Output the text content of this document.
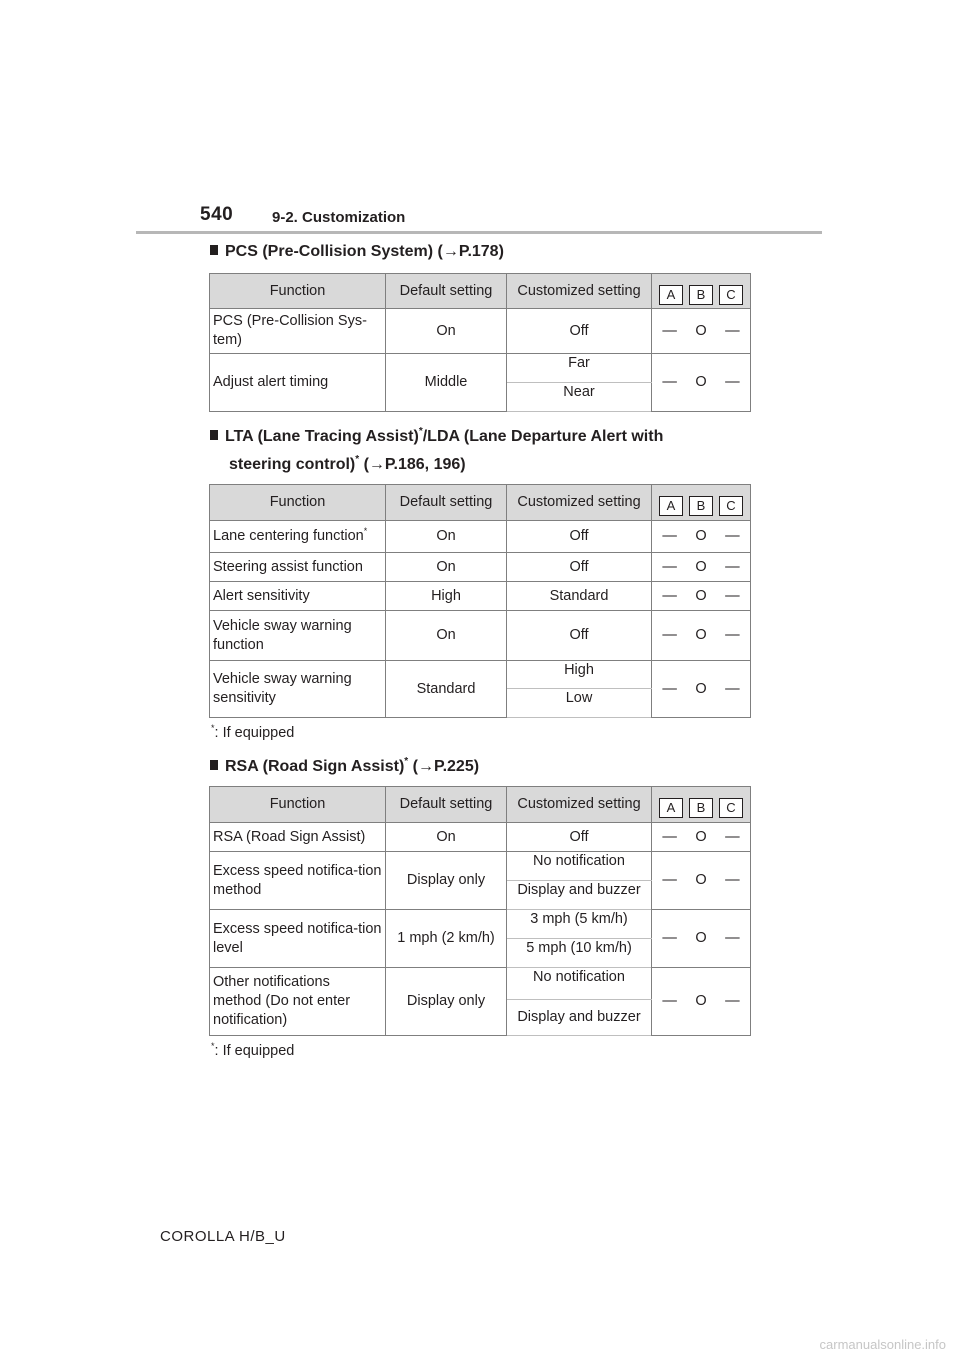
540	9-2. Customization
PCS (Pre-Collision System) (→P.178)
Function	Default setting	Customized setting	A B C

PCS (Pre-Collision Sys-tem)	On	Off	— O —
Adjust alert timing	Middle	Far	— O —
		Near	
LTA (Lane Tracing Assist)*/LDA (Lane Departure Alert with
steering control)* (→P.186, 196)
Function	Default setting	Customized setting	A B C

Lane centering function*	On	Off	— O —
Steering assist function	On	Off	— O —
Alert sensitivity	High	Standard	— O —
Vehicle sway warning function	On	Off	— O —
Vehicle sway warning sensitivity	Standard	High	— O —
		Low	
*: If equipped
RSA (Road Sign Assist)* (→P.225)
Function	Default setting	Customized setting	A B C

RSA (Road Sign Assist)	On	Off	— O —
Excess speed notifica-tion method	Display only	No notification	— O —
		Display and buzzer	
Excess speed notifica-tion level	1 mph (2 km/h)	3 mph (5 km/h)	— O —
		5 mph (10 km/h)	
Other notifications method (Do not enter notification)	Display only	No notification	— O —
		Display and buzzer	
*: If equipped
COROLLA H/B_U
carmanualsonline.info
